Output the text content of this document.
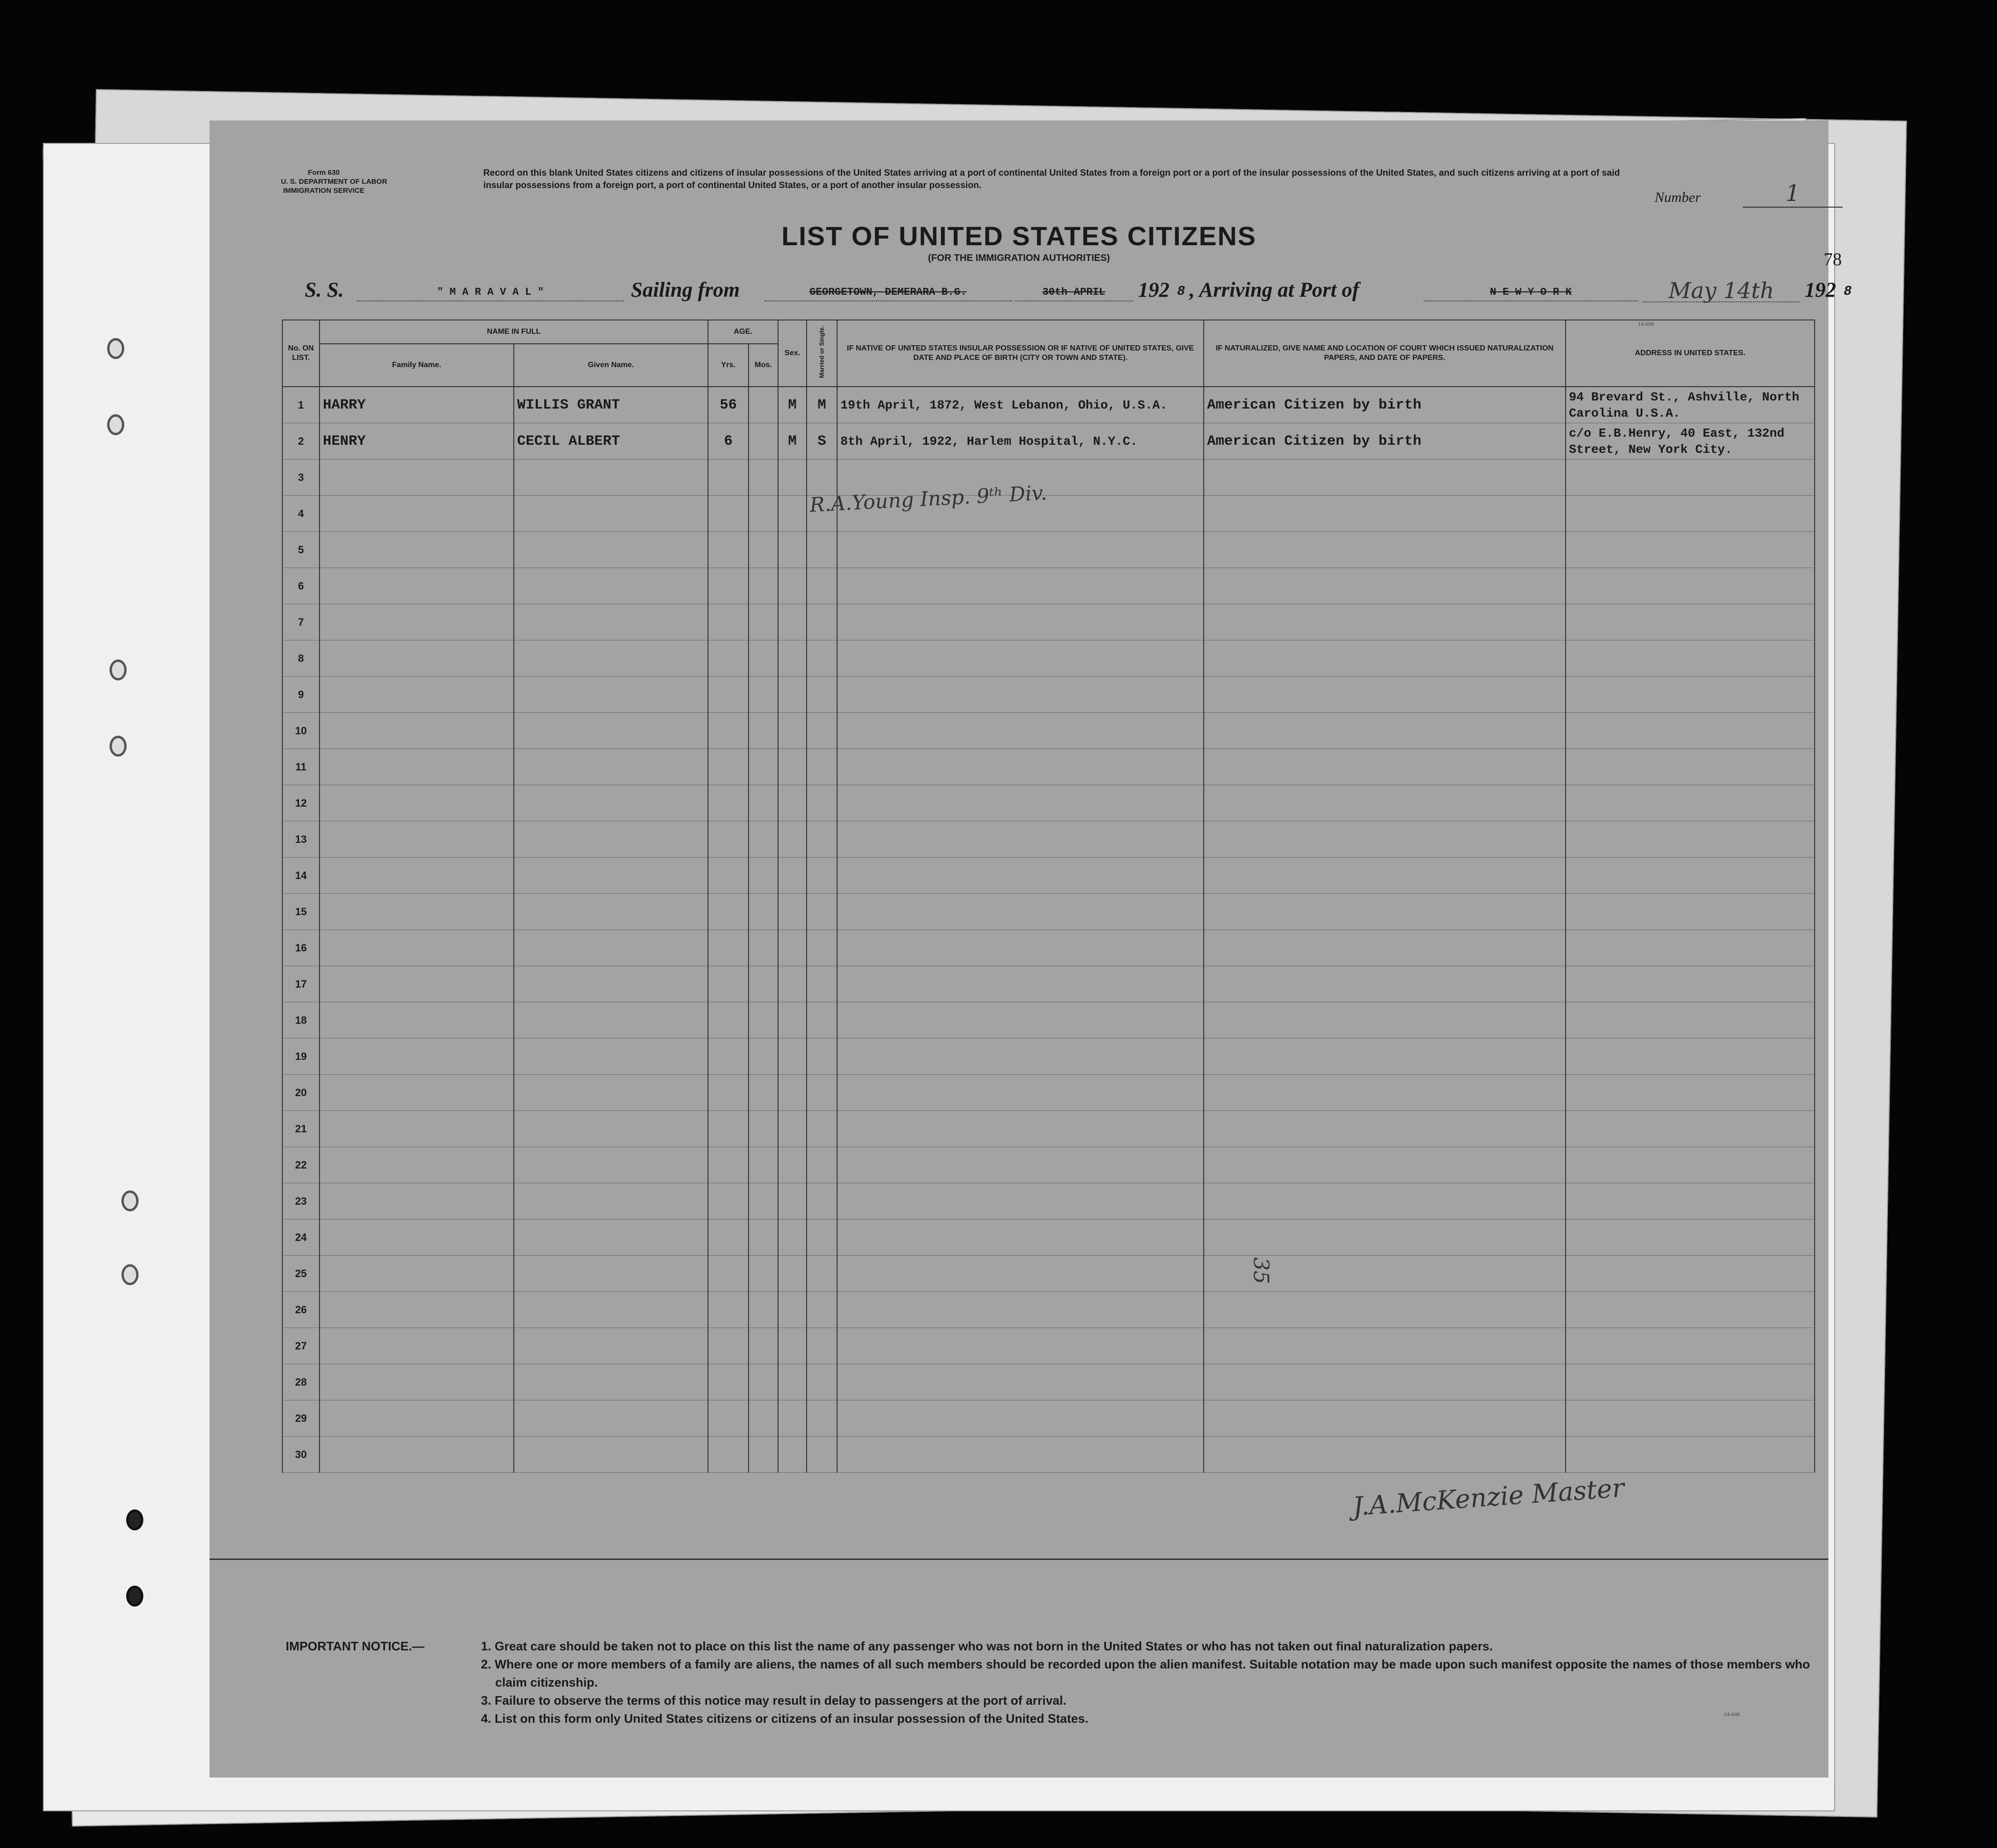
Form 630
U. S. DEPARTMENT OF LABOR
IMMIGRATION SERVICE
Record on this blank United States citizens and citizens of insular possessions of the United States arriving at a port of continental United States from a foreign port or a port of the insular possessions of the United States, and such citizens arriving at a port of said insular possessions from a foreign port, a port of continental United States, or a port of another insular possession.
Number	1
LIST OF UNITED STATES CITIZENS
(FOR THE IMMIGRATION AUTHORITIES)	78
S. S.	" M A R A V A L "	Sailing from	GEORGETOWN, DEMERARA B.G.	30th APRIL	192 8 , Arriving at Port of	N E W Y O R K	May 14th	192 8
No. ON LIST.	NAME IN FULL		AGE.		Sex.	Married or Single.	IF NATIVE OF UNITED STATES INSULAR POSSESSION OR IF NATIVE OF UNITED STATES, GIVE DATE AND PLACE OF BIRTH (CITY OR TOWN AND STATE).	IF NATURALIZED, GIVE NAME AND LOCATION OF COURT WHICH ISSUED NATURALIZATION PAPERS, AND DATE OF PAPERS.	ADDRESS IN UNITED STATES.
	Family Name.	Given Name.	Yrs.	Mos.					
1	HARRY	WILLIS GRANT	56		M	M	19th April, 1872, West Lebanon, Ohio, U.S.A.	American Citizen by birth	94 Brevard St., Ashville, North Carolina U.S.A.
2	HENRY	CECIL ALBERT	6		M	S	8th April, 1922, Harlem Hospital, N.Y.C.	American Citizen by birth	c/o E.B.Henry, 40 East, 132nd Street, New York City.
3									
4									
5									
6									
7									
8									
9									
10									
11									
12									
13									
14									
15									
16									
17									
18									
19									
20									
21									
22									
23									
24									
25									
26									
27									
28									
29									
30									
R.A.Young Insp. 9ᵗʰ Div.
35
J.A.McKenzie Master
14-606
IMPORTANT NOTICE.—	1. Great care should be taken not to place on this list the name of any passenger who was not born in the United States or who has not taken out final naturalization papers.
2. Where one or more members of a family are aliens, the names of all such members should be recorded upon the alien manifest. Suitable notation may be made upon such manifest opposite the names of those members who claim citizenship.
3. Failure to observe the terms of this notice may result in delay to passengers at the port of arrival.
4. List on this form only United States citizens or citizens of an insular possession of the United States.	14-606
